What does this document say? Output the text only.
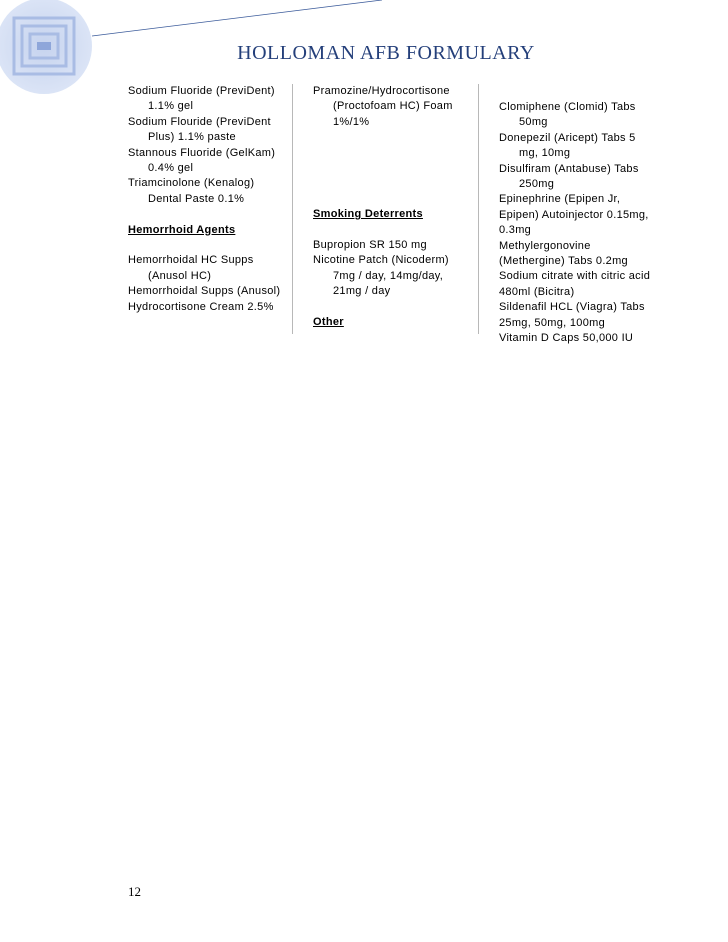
HOLLOMAN AFB FORMULARY
Sodium Fluoride (PreviDent) 1.1% gel
Sodium Flouride (PreviDent Plus) 1.1% paste
Stannous Fluoride (GelKam) 0.4% gel
Triamcinolone (Kenalog) Dental Paste 0.1%
Hemorrhoid Agents
Hemorrhoidal HC Supps (Anusol HC)
Hemorrhoidal Supps (Anusol)
Hydrocortisone Cream 2.5%
Pramozine/Hydrocortisone (Proctofoam HC) Foam 1%/1%
Smoking Deterrents
Bupropion SR 150 mg
Nicotine Patch (Nicoderm) 7mg / day, 14mg/day, 21mg / day
Other
Clomiphene (Clomid) Tabs 50mg
Donepezil (Aricept) Tabs 5 mg, 10mg
Disulfiram (Antabuse) Tabs 250mg
Epinephrine (Epipen Jr, Epipen) Autoinjector 0.15mg, 0.3mg
Methylergonovine (Methergine) Tabs 0.2mg
Sodium citrate with citric acid 480ml (Bicitra)
Sildenafil HCL (Viagra) Tabs 25mg, 50mg, 100mg
Vitamin D Caps 50,000 IU
12
